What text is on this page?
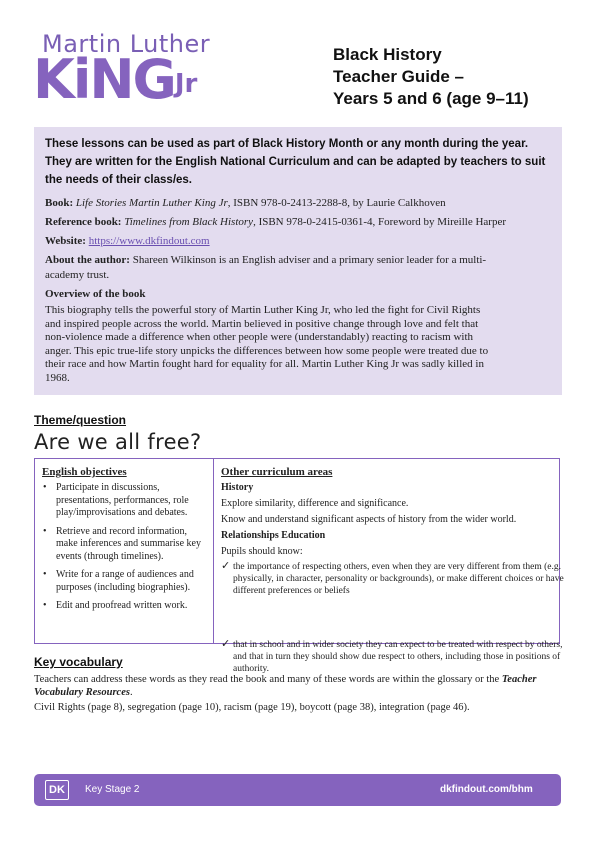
Martin Luther
KiNG$^{Jr}$
Black History
Teacher Guide –
Years 5 and 6 (age 9–11)
These lessons can be used as part of Black History Month or any month during the year. They are written for the English National Curriculum and can be adapted by teachers to suit the needs of their class/es.
Book: Life Stories Martin Luther King Jr, ISBN 978-0-2413-2288-8, by Laurie Calkhoven
Reference book: Timelines from Black History, ISBN 978-0-2415-0361-4, Foreword by Mireille Harper
Website: https://www.dkfindout.com
About the author: Shareen Wilkinson is an English adviser and a primary senior leader for a multi-academy trust.
Overview of the book
This biography tells the powerful story of Martin Luther King Jr, who led the fight for Civil Rights and inspired people across the world. Martin believed in positive change through love and felt that non-violence made a difference when other people were (understandably) reacting to racism with anger. This epic true-life story unpicks the differences between how some people were treated due to their race and how Martin fought hard for equality for all. Martin Luther King Jr was sadly killed in 1968.
Theme/question
Are we all free?
English objectives
• Participate in discussions, presentations, performances, role play/improvisations and debates.
• Retrieve and record information, make inferences and summarise key events (through timelines).
• Write for a range of audiences and purposes (including biographies).
• Edit and proofread written work.
Other curriculum areas
History
Explore similarity, difference and significance.
Know and understand significant aspects of history from the wider world.
Relationships Education
Pupils should know:
✓ the importance of respecting others, even when they are very different from them (e.g. physically, in character, personality or backgrounds), or make different choices or have different preferences or beliefs
✓ that in school and in wider society they can expect to be treated with respect by others, and that in turn they should show due respect to others, including those in positions of authority.
Key vocabulary
Teachers can address these words as they read the book and many of these words are within the glossary or the Teacher Vocabulary Resources.
Civil Rights (page 8), segregation (page 10), racism (page 19), boycott (page 38), integration (page 46).
DK	Key Stage 2	dkfindout.com/bhm
